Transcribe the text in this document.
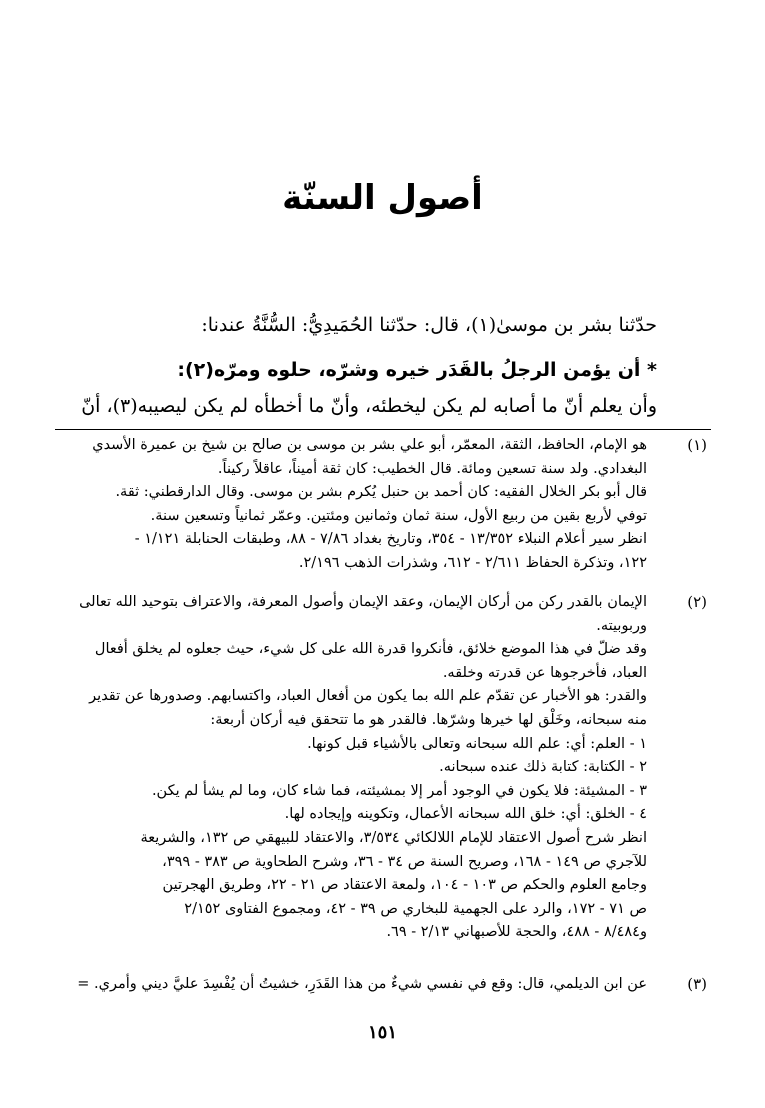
أصول السنّة
حدّثنا بشر بن موسىٰ(١)، قال: حدّثنا الحُمَيدِيُّ: السُّنَّةُ عندنا:
* أن يؤمن الرجلُ بالقَدَر خيره وشرّه، حلوه ومرّه(٢):
وأن يعلم أنّ ما أصابه لم يكن ليخطئه، وأنّ ما أخطأه لم يكن ليصيبه(٣)، أنّ
(١)
هو الإمام، الحافظ، الثقة، المعمّر، أبو علي بشر بن موسى بن صالح بن شيخ بن عميرة الأسدي
البغدادي. ولد سنة تسعين ومائة. قال الخطيب: كان ثقة أميناً، عاقلاً ركيناً.
قال أبو بكر الخلال الفقيه: كان أحمد بن حنبل يُكرم بشر بن موسى. وقال الدارقطني: ثقة.
توفي لأربع بقين من ربيع الأول، سنة ثمان وثمانين ومئتين. وعمّر ثمانياً وتسعين سنة.
انظر سير أعلام النبلاء ١٣/٣٥٢ - ٣٥٤، وتاريخ بغداد ٧/٨٦ - ٨٨، وطبقات الحنابلة ١/١٢١ -
١٢٢، وتذكرة الحفاظ ٢/٦١١ - ٦١٢، وشذرات الذهب ٢/١٩٦.
(٢)
الإيمان بالقدر ركن من أركان الإيمان، وعقد الإيمان وأصول المعرفة، والاعتراف بتوحيد الله تعالى
وربوبيته.
وقد ضلّ في هذا الموضع خلائق، فأنكروا قدرة الله على كل شيء، حيث جعلوه لم يخلق أفعال
العباد، فأخرجوها عن قدرته وخلقه.
والقدر: هو الأخبار عن تقدّم علم الله بما يكون من أفعال العباد، واكتسابهم. وصدورها عن تقدير
منه سبحانه، وخَلْق لها خيرها وشرّها. فالقدر هو ما تتحقق فيه أركان أربعة:
١ - العلم: أي: علم الله سبحانه وتعالى بالأشياء قبل كونها.
٢ - الكتابة: كتابة ذلك عنده سبحانه.
٣ - المشيئة: فلا يكون في الوجود أمر إلا بمشيئته، فما شاء كان، وما لم يشأ لم يكن.
٤ - الخلق: أي: خلق الله سبحانه الأعمال، وتكوينه وإيجاده لها.
انظر شرح أصول الاعتقاد للإمام اللالكائي ٣/٥٣٤، والاعتقاد للبيهقي ص ١٣٢، والشريعة
للآجري ص ١٤٩ - ١٦٨، وصريح السنة ص ٣٤ - ٣٦، وشرح الطحاوية ص ٣٨٣ - ٣٩٩،
وجامع العلوم والحكم ص ١٠٣ - ١٠٤، ولمعة الاعتقاد ص ٢١ - ٢٢، وطريق الهجرتين
ص ٧١ - ١٧٢، والرد على الجهمية للبخاري ص ٣٩ - ٤٢، ومجموع الفتاوى ٢/١٥٢
و٨/٤٨٤ - ٤٨٨، والحجة للأصبهاني ٢/١٣ - ٦٩.
(٣)
عن ابن الديلمي، قال: وقع في نفسي شيءٌ من هذا القَدَرِ، خشيتُ أن يُفْسِدَ عليَّ ديني وأمري. =
١٥١
